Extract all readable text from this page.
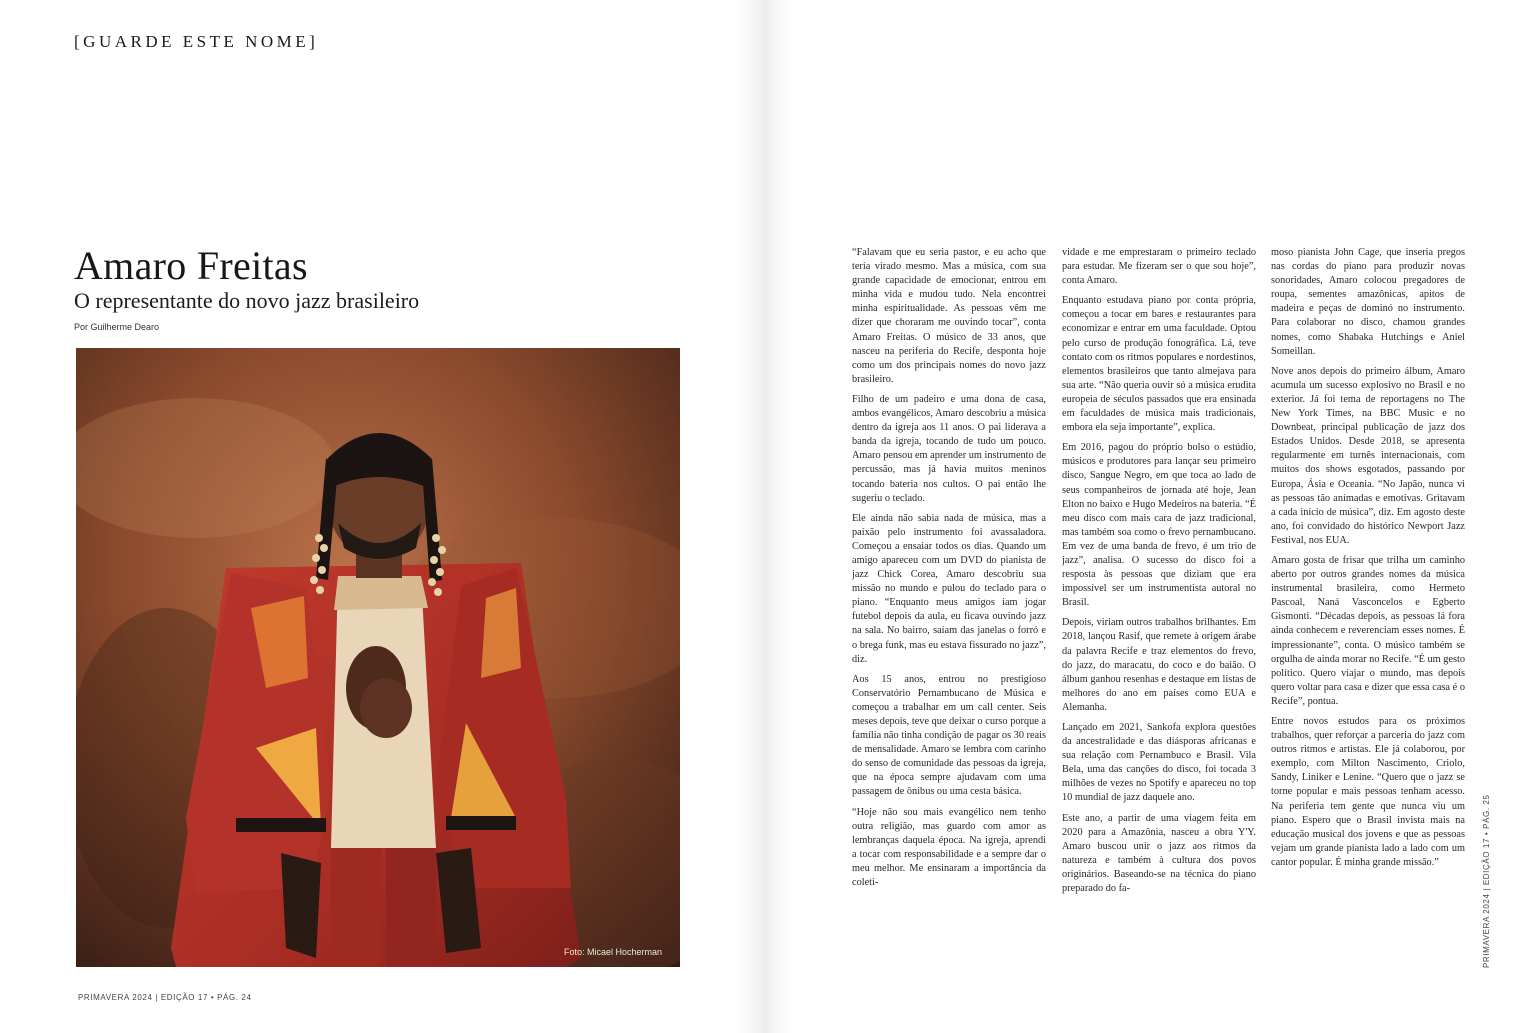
[GUARDE ESTE NOME]
Amaro Freitas
O representante do novo jazz brasileiro
Por Guilherme Dearo
Foto: Micael Hocherman
PRIMAVERA 2024 | EDIÇÃO 17 • PÁG. 24

“Falavam que eu seria pastor, e eu acho que teria virado mesmo. Mas a música, com sua grande capacidade de emocionar, entrou em minha vida e mudou tudo. Nela encontrei minha espiritualidade. As pessoas vêm me dizer que choraram me ouvindo tocar”, conta Amaro Freitas. O músico de 33 anos, que nasceu na periferia do Recife, desponta hoje como um dos principais nomes do novo jazz brasileiro.

Filho de um padeiro e uma dona de casa, ambos evangélicos, Amaro descobriu a música dentro da igreja aos 11 anos. O pai liderava a banda da igreja, tocando de tudo um pouco. Amaro pensou em aprender um instrumento de percussão, mas já havia muitos meninos tocando bateria nos cultos. O pai então lhe sugeriu o teclado.

Ele ainda não sabia nada de música, mas a paixão pelo instrumento foi avassaladora. Começou a ensaiar todos os dias. Quando um amigo apareceu com um DVD do pianista de jazz Chick Corea, Amaro descobriu sua missão no mundo e pulou do teclado para o piano. “Enquanto meus amigos iam jogar futebol depois da aula, eu ficava ouvindo jazz na sala. No bairro, saíam das janelas o forró e o brega funk, mas eu estava fissurado no jazz”, diz.

Aos 15 anos, entrou no prestigioso Conservatório Pernambucano de Música e começou a trabalhar em um call center. Seis meses depois, teve que deixar o curso porque a família não tinha condição de pagar os 30 reais de mensalidade. Amaro se lembra com carinho do senso de comunidade das pessoas da igreja, que na época sempre ajudavam com uma passagem de ônibus ou uma cesta básica.

“Hoje não sou mais evangélico nem tenho outra religião, mas guardo com amor as lembranças daquela época. Na igreja, aprendi a tocar com responsabilidade e a sempre dar o meu melhor. Me ensinaram a importância da coleti-

vidade e me emprestaram o primeiro teclado para estudar. Me fizeram ser o que sou hoje”, conta Amaro.

Enquanto estudava piano por conta própria, começou a tocar em bares e restaurantes para economizar e entrar em uma faculdade. Optou pelo curso de produção fonográfica. Lá, teve contato com os ritmos populares e nordestinos, elementos brasileiros que tanto almejava para sua arte. “Não queria ouvir só a música erudita europeia de séculos passados que era ensinada em faculdades de música mais tradicionais, embora ela seja importante”, explica.

Em 2016, pagou do próprio bolso o estúdio, músicos e produtores para lançar seu primeiro disco, Sangue Negro, em que toca ao lado de seus companheiros de jornada até hoje, Jean Elton no baixo e Hugo Medeiros na bateria. “É meu disco com mais cara de jazz tradicional, mas também soa como o frevo pernambucano. Em vez de uma banda de frevo, é um trio de jazz”, analisa. O sucesso do disco foi a resposta às pessoas que diziam que era impossível ser um instrumentista autoral no Brasil.

Depois, viriam outros trabalhos brilhantes. Em 2018, lançou Rasif, que remete à origem árabe da palavra Recife e traz elementos do frevo, do jazz, do maracatu, do coco e do baião. O álbum ganhou resenhas e destaque em listas de melhores do ano em países como EUA e Alemanha.

Lançado em 2021, Sankofa explora questões da ancestralidade e das diásporas africanas e sua relação com Pernambuco e Brasil. Vila Bela, uma das canções do disco, foi tocada 3 milhões de vezes no Spotify e apareceu no top 10 mundial de jazz daquele ano.

Este ano, a partir de uma viagem feita em 2020 para a Amazônia, nasceu a obra Y'Y. Amaro buscou unir o jazz aos ritmos da natureza e também à cultura dos povos originários. Baseando-se na técnica do piano preparado do fa-

moso pianista John Cage, que inseria pregos nas cordas do piano para produzir novas sonoridades, Amaro colocou pregadores de roupa, sementes amazônicas, apitos de madeira e peças de dominó no instrumento. Para colaborar no disco, chamou grandes nomes, como Shabaka Hutchings e Aniel Someillan.

Nove anos depois do primeiro álbum, Amaro acumula um sucesso explosivo no Brasil e no exterior. Já foi tema de reportagens no The New York Times, na BBC Music e no Downbeat, principal publicação de jazz dos Estados Unidos. Desde 2018, se apresenta regularmente em turnês internacionais, com muitos dos shows esgotados, passando por Europa, Ásia e Oceania. “No Japão, nunca vi as pessoas tão animadas e emotivas. Gritavam a cada início de música”, diz. Em agosto deste ano, foi convidado do histórico Newport Jazz Festival, nos EUA.

Amaro gosta de frisar que trilha um caminho aberto por outros grandes nomes da música instrumental brasileira, como Hermeto Pascoal, Naná Vasconcelos e Egberto Gismonti. “Décadas depois, as pessoas lá fora ainda conhecem e reverenciam esses nomes. É impressionante”, conta. O músico também se orgulha de ainda morar no Recife. “É um gesto político. Quero viajar o mundo, mas depois quero voltar para casa e dizer que essa casa é o Recife”, pontua.

Entre novos estudos para os próximos trabalhos, quer reforçar a parceria do jazz com outros ritmos e artistas. Ele já colaborou, por exemplo, com Milton Nascimento, Criolo, Sandy, Liniker e Lenine. “Quero que o jazz se torne popular e mais pessoas tenham acesso. Na periferia tem gente que nunca viu um piano. Espero que o Brasil invista mais na educação musical dos jovens e que as pessoas vejam um grande pianista lado a lado com um cantor popular. É minha grande missão.”	PRIMAVERA 2024 | EDIÇÃO 17 • PÁG. 25
